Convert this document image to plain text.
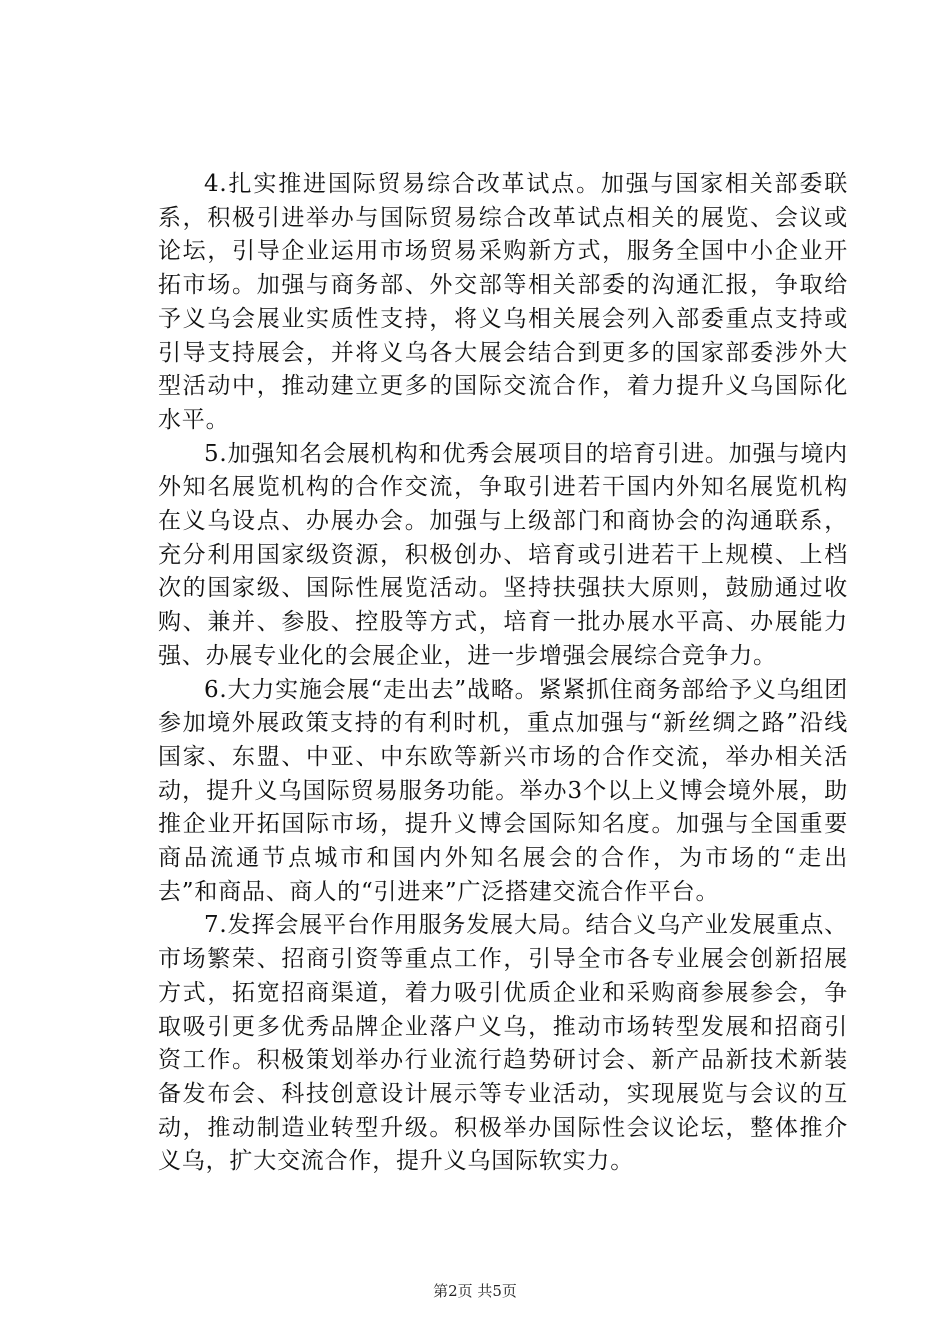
4.扎实推进国际贸易综合改革试点。加强与国家相关部委联系，积极引进举办与国际贸易综合改革试点相关的展览、会议或论坛，引导企业运用市场贸易采购新方式，服务全国中小企业开拓市场。加强与商务部、外交部等相关部委的沟通汇报，争取给予义乌会展业实质性支持，将义乌相关展会列入部委重点支持或引导支持展会，并将义乌各大展会结合到更多的国家部委涉外大型活动中，推动建立更多的国际交流合作，着力提升义乌国际化水平。

5.加强知名会展机构和优秀会展项目的培育引进。加强与境内外知名展览机构的合作交流，争取引进若干国内外知名展览机构在义乌设点、办展办会。加强与上级部门和商协会的沟通联系，充分利用国家级资源，积极创办、培育或引进若干上规模、上档次的国家级、国际性展览活动。坚持扶强扶大原则，鼓励通过收购、兼并、参股、控股等方式，培育一批办展水平高、办展能力强、办展专业化的会展企业，进一步增强会展综合竞争力。

6.大力实施会展“走出去”战略。紧紧抓住商务部给予义乌组团参加境外展政策支持的有利时机，重点加强与“新丝绸之路”沿线国家、东盟、中亚、中东欧等新兴市场的合作交流，举办相关活动，提升义乌国际贸易服务功能。举办3个以上义博会境外展，助推企业开拓国际市场，提升义博会国际知名度。加强与全国重要商品流通节点城市和国内外知名展会的合作，为市场的“走出去”和商品、商人的“引进来”广泛搭建交流合作平台。

7.发挥会展平台作用服务发展大局。结合义乌产业发展重点、市场繁荣、招商引资等重点工作，引导全市各专业展会创新招展方式，拓宽招商渠道，着力吸引优质企业和采购商参展参会，争取吸引更多优秀品牌企业落户义乌，推动市场转型发展和招商引资工作。积极策划举办行业流行趋势研讨会、新产品新技术新装备发布会、科技创意设计展示等专业活动，实现展览与会议的互动，推动制造业转型升级。积极举办国际性会议论坛，整体推介义乌，扩大交流合作，提升义乌国际软实力。

第2页 共5页
